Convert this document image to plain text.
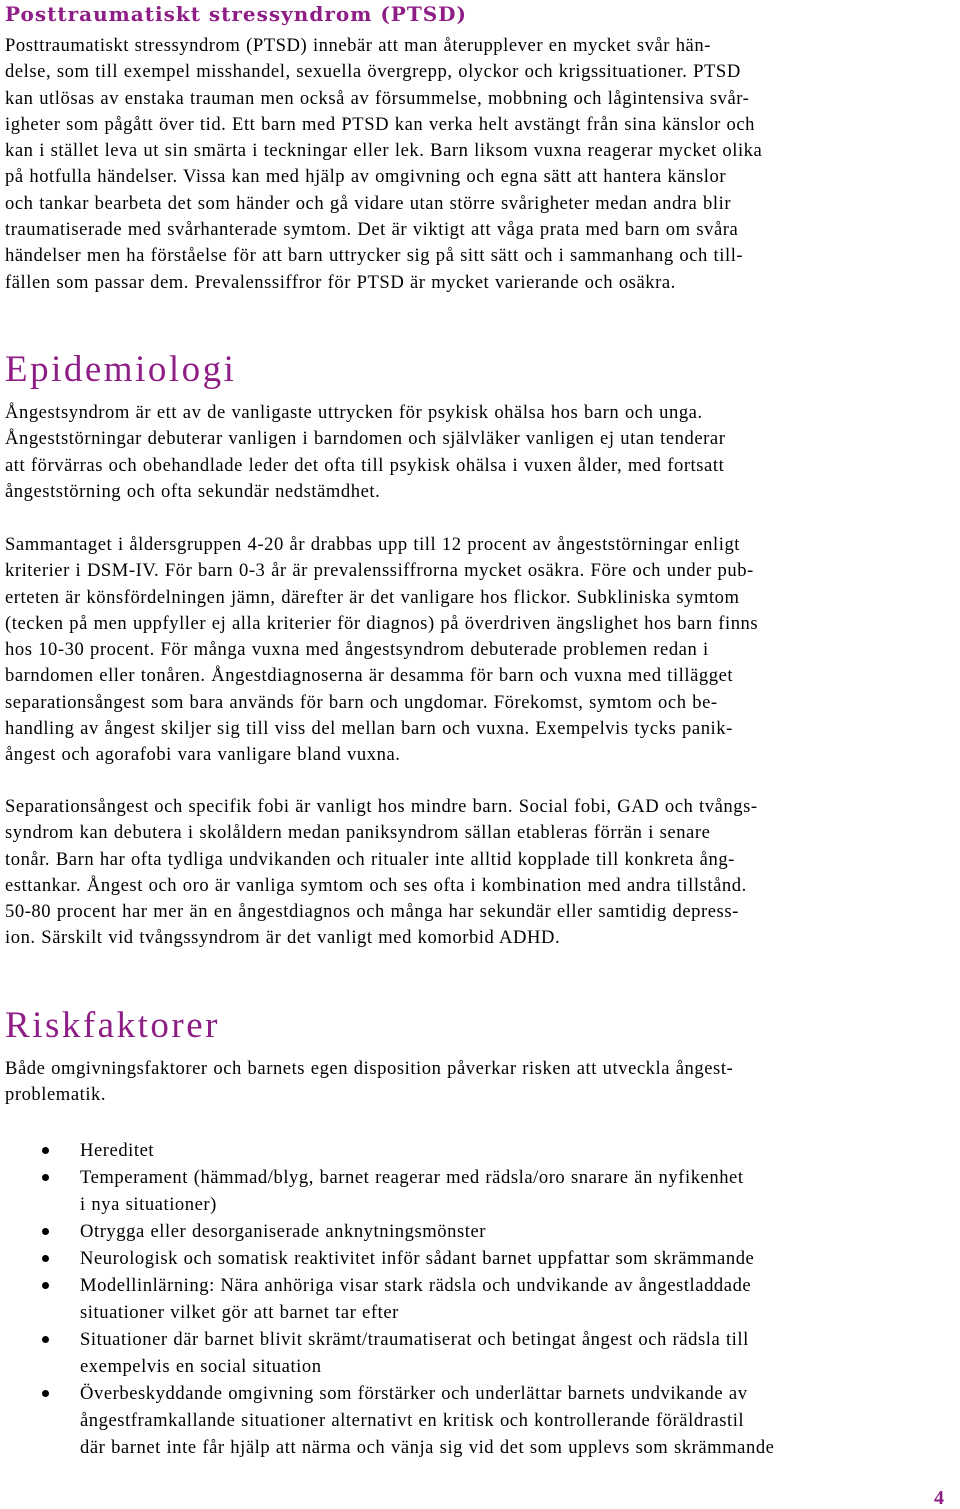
Posttraumatiskt stressyndrom (PTSD)

Posttraumatiskt stressyndrom (PTSD) innebär att man återupplever en mycket svår hän-
delse, som till exempel misshandel, sexuella övergrepp, olyckor och krigssituationer. PTSD
kan utlösas av enstaka trauman men också av försummelse, mobbning och lågintensiva svår-
igheter som pågått över tid. Ett barn med PTSD kan verka helt avstängt från sina känslor och
kan i stället leva ut sin smärta i teckningar eller lek. Barn liksom vuxna reagerar mycket olika
på hotfulla händelser. Vissa kan med hjälp av omgivning och egna sätt att hantera känslor
och tankar bearbeta det som händer och gå vidare utan större svårigheter medan andra blir
traumatiserade med svårhanterade symtom. Det är viktigt att våga prata med barn om svåra
händelser men ha förståelse för att barn uttrycker sig på sitt sätt och i sammanhang och till-
fällen som passar dem. Prevalenssiffror för PTSD är mycket varierande och osäkra.

Epidemiologi

Ångestsyndrom är ett av de vanligaste uttrycken för psykisk ohälsa hos barn och unga.
Ångeststörningar debuterar vanligen i barndomen och självläker vanligen ej utan tenderar
att förvärras och obehandlade leder det ofta till psykisk ohälsa i vuxen ålder, med fortsatt
ångeststörning och ofta sekundär nedstämdhet.

Sammantaget i åldersgruppen 4-20 år drabbas upp till 12 procent av ångeststörningar enligt
kriterier i DSM-IV. För barn 0-3 år är prevalenssiffrorna mycket osäkra. Före och under pub-
erteten är könsfördelningen jämn, därefter är det vanligare hos flickor. Subkliniska symtom
(tecken på men uppfyller ej alla kriterier för diagnos) på överdriven ängslighet hos barn finns
hos 10-30 procent. För många vuxna med ångestsyndrom debuterade problemen redan i
barndomen eller tonåren. Ångestdiagnoserna är desamma för barn och vuxna med tillägget
separationsångest som bara används för barn och ungdomar. Förekomst, symtom och be-
handling av ångest skiljer sig till viss del mellan barn och vuxna. Exempelvis tycks panik-
ångest och agorafobi vara vanligare bland vuxna.

Separationsångest och specifik fobi är vanligt hos mindre barn. Social fobi, GAD och tvångs-
syndrom kan debutera i skolåldern medan paniksyndrom sällan etableras förrän i senare
tonår. Barn har ofta tydliga undvikanden och ritualer inte alltid kopplade till konkreta ång-
esttankar. Ångest och oro är vanliga symtom och ses ofta i kombination med andra tillstånd.
50-80 procent har mer än en ångestdiagnos och många har sekundär eller samtidig depress-
ion. Särskilt vid tvångssyndrom är det vanligt med komorbid ADHD.

Riskfaktorer

Både omgivningsfaktorer och barnets egen disposition påverkar risken att utveckla ångest-
problematik.

Hereditet
Temperament (hämmad/blyg, barnet reagerar med rädsla/oro snarare än nyfikenhet
i nya situationer)
Otrygga eller desorganiserade anknytningsmönster
Neurologisk och somatisk reaktivitet inför sådant barnet uppfattar som skrämmande
Modellinlärning: Nära anhöriga visar stark rädsla och undvikande av ångestladdade
situationer vilket gör att barnet tar efter
Situationer där barnet blivit skrämt/traumatiserat och betingat ångest och rädsla till
exempelvis en social situation
Överbeskyddande omgivning som förstärker och underlättar barnets undvikande av
ångestframkallande situationer alternativt en kritisk och kontrollerande föräldrastil
där barnet inte får hjälp att närma och vänja sig vid det som upplevs som skrämmande
4
